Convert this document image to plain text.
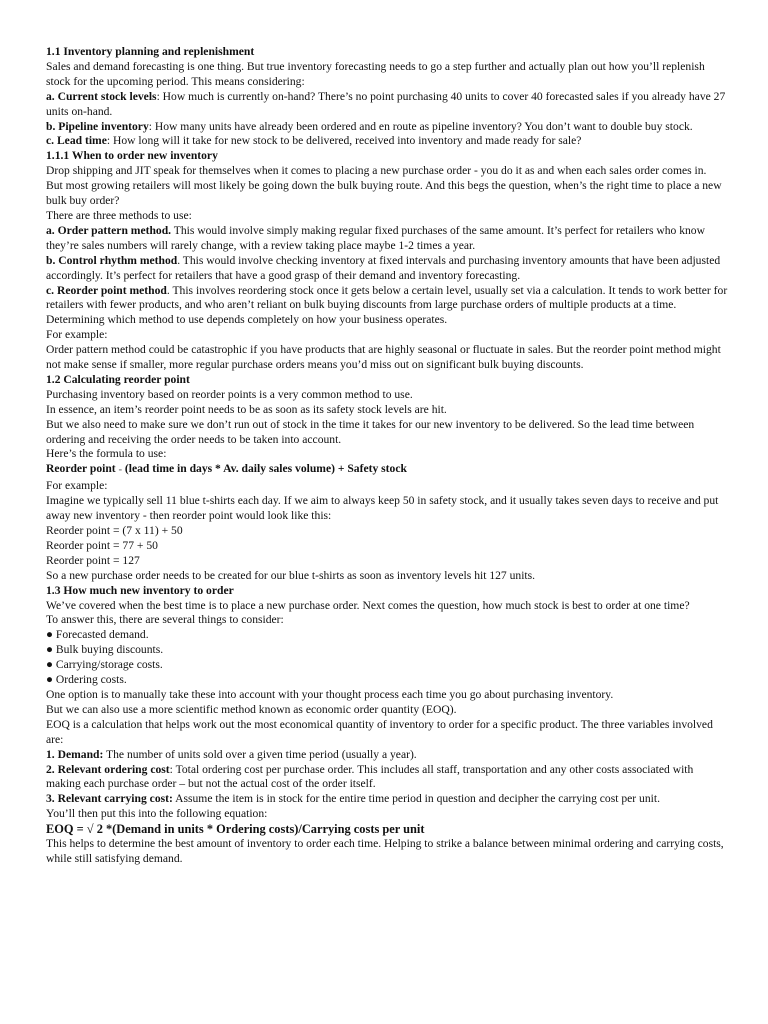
1.1 Inventory planning and replenishment

Sales and demand forecasting is one thing. But true inventory forecasting needs to go a step further and actually plan out how you’ll replenish stock for the upcoming period. This means considering:

a. Current stock levels: How much is currently on-hand? There’s no point purchasing 40 units to cover 40 forecasted sales if you already have 27 units on-hand.

b. Pipeline inventory: How many units have already been ordered and en route as pipeline inventory? You don’t want to double buy stock.

c. Lead time: How long will it take for new stock to be delivered, received into inventory and made ready for sale?

1.1.1 When to order new inventory

Drop shipping and JIT speak for themselves when it comes to placing a new purchase order - you do it as and when each sales order comes in.

But most growing retailers will most likely be going down the bulk buying route. And this begs the question, when’s the right time to place a new bulk buy order?

There are three methods to use:

a. Order pattern method. This would involve simply making regular fixed purchases of the same amount. It’s perfect for retailers who know they’re sales numbers will rarely change, with a review taking place maybe 1-2 times a year.

b. Control rhythm method. This would involve checking inventory at fixed intervals and purchasing inventory amounts that have been adjusted accordingly. It’s perfect for retailers that have a good grasp of their demand and inventory forecasting.

c. Reorder point method. This involves reordering stock once it gets below a certain level, usually set via a calculation. It tends to work better for retailers with fewer products, and who aren’t reliant on bulk buying discounts from large purchase orders of multiple products at a time.

Determining which method to use depends completely on how your business operates.

For example:

Order pattern method could be catastrophic if you have products that are highly seasonal or fluctuate in sales. But the reorder point method might not make sense if smaller, more regular purchase orders means you’d miss out on significant bulk buying discounts.

1.2 Calculating reorder point

Purchasing inventory based on reorder points is a very common method to use.

In essence, an item’s reorder point needs to be as soon as its safety stock levels are hit.

But we also need to make sure we don’t run out of stock in the time it takes for our new inventory to be delivered. So the lead time between ordering and receiving the order needs to be taken into account.

Here’s the formula to use:

Reorder point = (lead time in days * Av. daily sales volume) + Safety stock

For example:

Imagine we typically sell 11 blue t-shirts each day. If we aim to always keep 50 in safety stock, and it usually takes seven days to receive and put away new inventory - then reorder point would look like this:

Reorder point = (7 x 11) + 50

Reorder point = 77 + 50

Reorder point = 127

So a new purchase order needs to be created for our blue t-shirts as soon as inventory levels hit 127 units.

1.3 How much new inventory to order

We’ve covered when the best time is to place a new purchase order. Next comes the question, how much stock is best to order at one time?

To answer this, there are several things to consider:

● Forecasted demand.

● Bulk buying discounts.

● Carrying/storage costs.

● Ordering costs.

One option is to manually take these into account with your thought process each time you go about purchasing inventory.

But we can also use a more scientific method known as economic order quantity (EOQ).

EOQ is a calculation that helps work out the most economical quantity of inventory to order for a specific product. The three variables involved are:

1. Demand: The number of units sold over a given time period (usually a year).

2. Relevant ordering cost: Total ordering cost per purchase order. This includes all staff, transportation and any other costs associated with making each purchase order – but not the actual cost of the order itself.

3. Relevant carrying cost: Assume the item is in stock for the entire time period in question and decipher the carrying cost per unit.

You’ll then put this into the following equation:

EOQ = √ 2 *(Demand in units * Ordering costs)/Carrying costs per unit

This helps to determine the best amount of inventory to order each time. Helping to strike a balance between minimal ordering and carrying costs, while still satisfying demand.
